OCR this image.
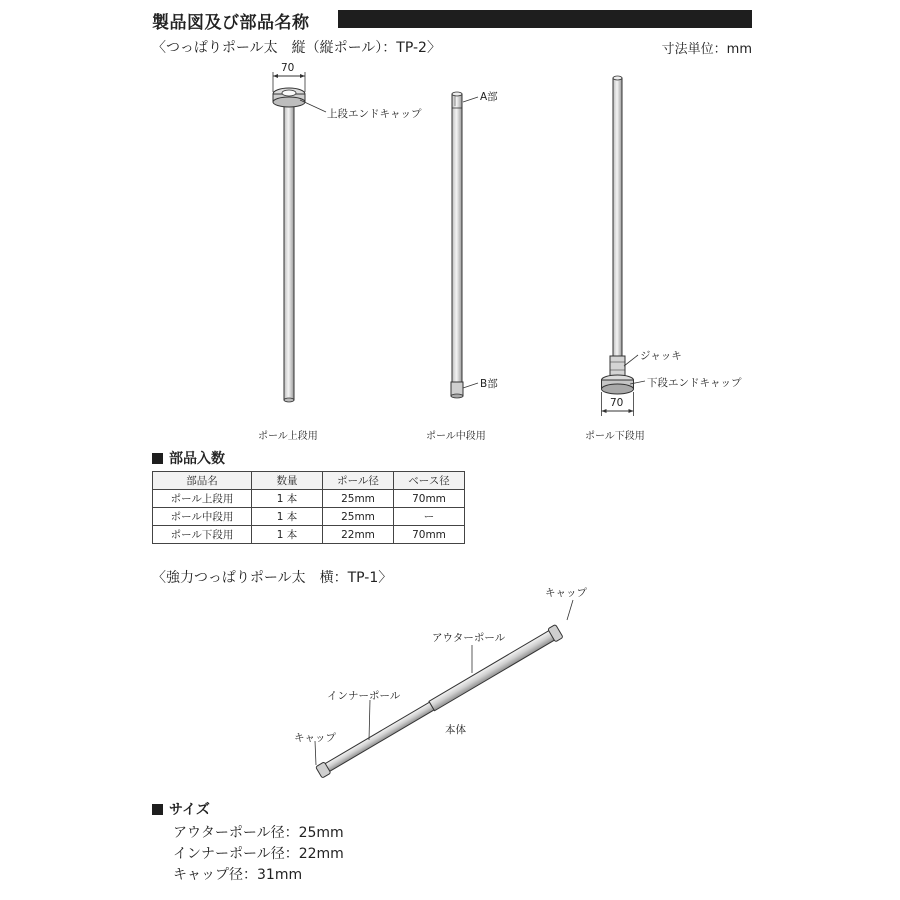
製品図及び部品名称
〈つっぱりポール太　縦（縦ポール）：TP-2〉	寸法単位：mm
70
上段エンドキャップ
A部
B部
ジャッキ
下段エンドキャップ
70
ポール上段用	ポール中段用	ポール下段用
部品入数
部品名	数量	ポール径	ベース径
ポール上段用	1 本	25mm	70mm
ポール中段用	1 本	25mm	ー
ポール下段用	1 本	22mm	70mm
〈強力つっぱりポール太　横：TP-1〉
キャップ
アウターポール
インナーポール
本体
キャップ
サイズ
アウターポール径：25mm
インナーポール径：22mm
キャップ径：31mm
